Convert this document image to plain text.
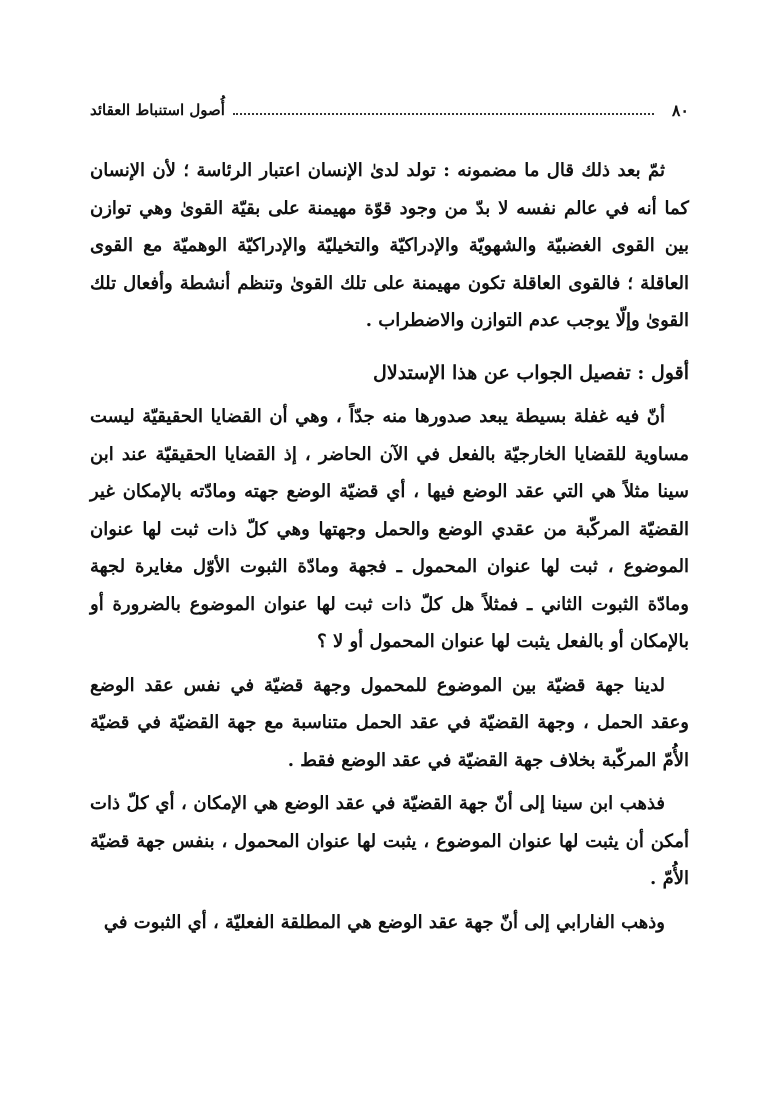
٨٠
أُصول استنباط العقائد

ثمّ بعد ذلك قال ما مضمونه : تولد لدىٰ الإنسان اعتبار الرئاسة ؛ لأن الإنسان كما أنه في عالم نفسه لا بدّ من وجود قوّة مهيمنة على بقيّة القوىٰ وهي توازن بين القوى الغضبيّة والشهويّة والإدراكيّة والتخيليّة والإدراكيّة الوهميّة مع القوى العاقلة ؛ فالقوى العاقلة تكون مهيمنة على تلك القوىٰ وتنظم أنشطة وأفعال تلك القوىٰ وإلّا يوجب عدم التوازن والاضطراب .

أقول : تفصيل الجواب عن هذا الإستدلال

أنّ فيه غفلة بسيطة يبعد صدورها منه جدّاً ، وهي أن القضايا الحقيقيّة ليست مساوية للقضايا الخارجيّة بالفعل في الآن الحاضر ، إذ القضايا الحقيقيّة عند ابن سينا مثلاً هي التي عقد الوضع فيها ، أي قضيّة الوضع جهته ومادّته بالإمكان غير القضيّة المركّبة من عقدي الوضع والحمل وجهتها وهي كلّ ذات ثبت لها عنوان الموضوع ، ثبت لها عنوان المحمول ـ فجهة ومادّة الثبوت الأوّل مغايرة لجهة ومادّة الثبوت الثاني ـ فمثلاً هل كلّ ذات ثبت لها عنوان الموضوع بالضرورة أو بالإمكان أو بالفعل يثبت لها عنوان المحمول أو لا ؟

لدينا جهة قضيّة بين الموضوع للمحمول وجهة قضيّة في نفس عقد الوضع وعقد الحمل ، وجهة القضيّة في عقد الحمل متناسبة مع جهة القضيّة في قضيّة الأُمّ المركّبة بخلاف جهة القضيّة في عقد الوضع فقط .

فذهب ابن سينا إلى أنّ جهة القضيّة في عقد الوضع هي الإمكان ، أي كلّ ذات أمكن أن يثبت لها عنوان الموضوع ، يثبت لها عنوان المحمول ، بنفس جهة قضيّة الأُمّ .

وذهب الفارابي إلى أنّ جهة عقد الوضع هي المطلقة الفعليّة ، أي الثبوت في
